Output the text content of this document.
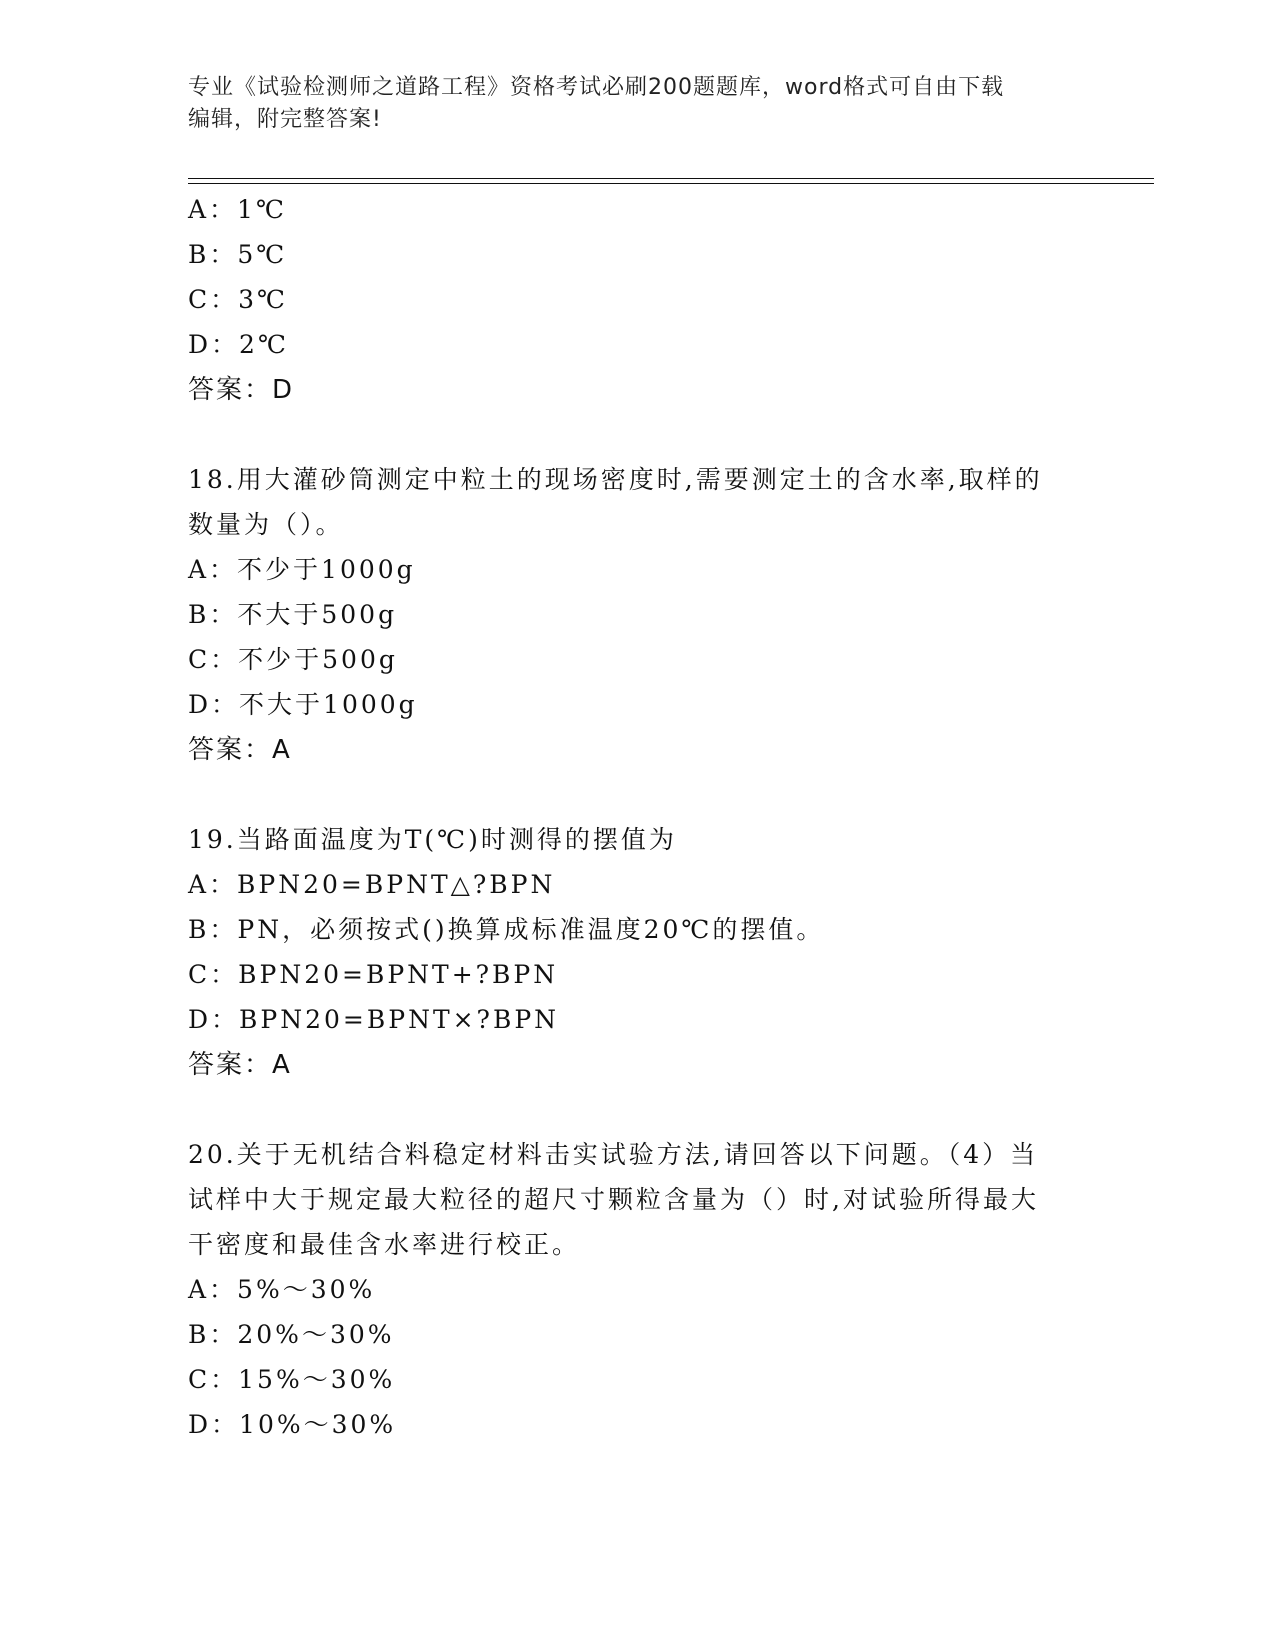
专业《试验检测师之道路工程》资格考试必刷200题题库，word格式可自由下载
编辑，附完整答案!
A：1℃
B：5℃
C：3℃
D：2℃
答案：D
18.用大灌砂筒测定中粒土的现场密度时,需要测定土的含水率,取样的
数量为（）。
A：不少于1000g
B：不大于500g
C：不少于500g
D：不大于1000g
答案：A
19.当路面温度为T(℃)时测得的摆值为
A：BPN20=BPNT△?BPN
B：PN，必须按式()换算成标准温度20℃的摆值。
C：BPN20=BPNT+?BPN
D：BPN20=BPNT×?BPN
答案：A
20.关于无机结合料稳定材料击实试验方法,请回答以下问题。（4）当
试样中大于规定最大粒径的超尺寸颗粒含量为（）时,对试验所得最大
干密度和最佳含水率进行校正。
A：5%～30%
B：20%～30%
C：15%～30%
D：10%～30%
